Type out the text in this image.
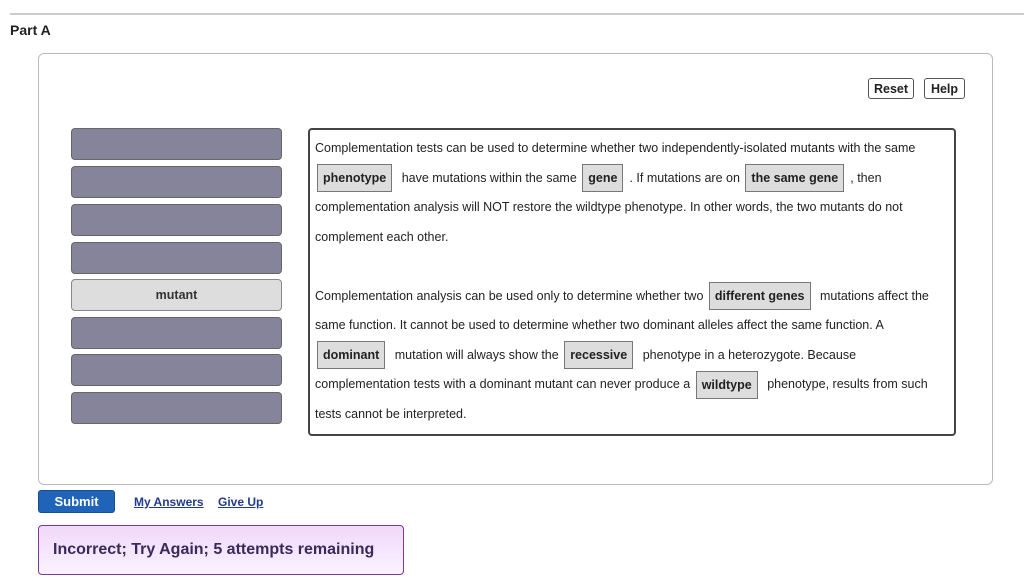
Part A
Reset	Help
mutant
Complementation tests can be used to determine whether two independently-isolated mutants with the same phenotype have mutations within the same gene . If mutations are on the same gene , then complementation analysis will NOT restore the wildtype phenotype. In other words, the two mutants do not complement each other.
Complementation analysis can be used only to determine whether two different genes mutations affect the same function. It cannot be used to determine whether two dominant alleles affect the same function. A dominant mutation will always show the recessive phenotype in a heterozygote. Because complementation tests with a dominant mutant can never produce a wildtype phenotype, results from such tests cannot be interpreted.
Submit	My Answers Give Up
Incorrect; Try Again; 5 attempts remaining
